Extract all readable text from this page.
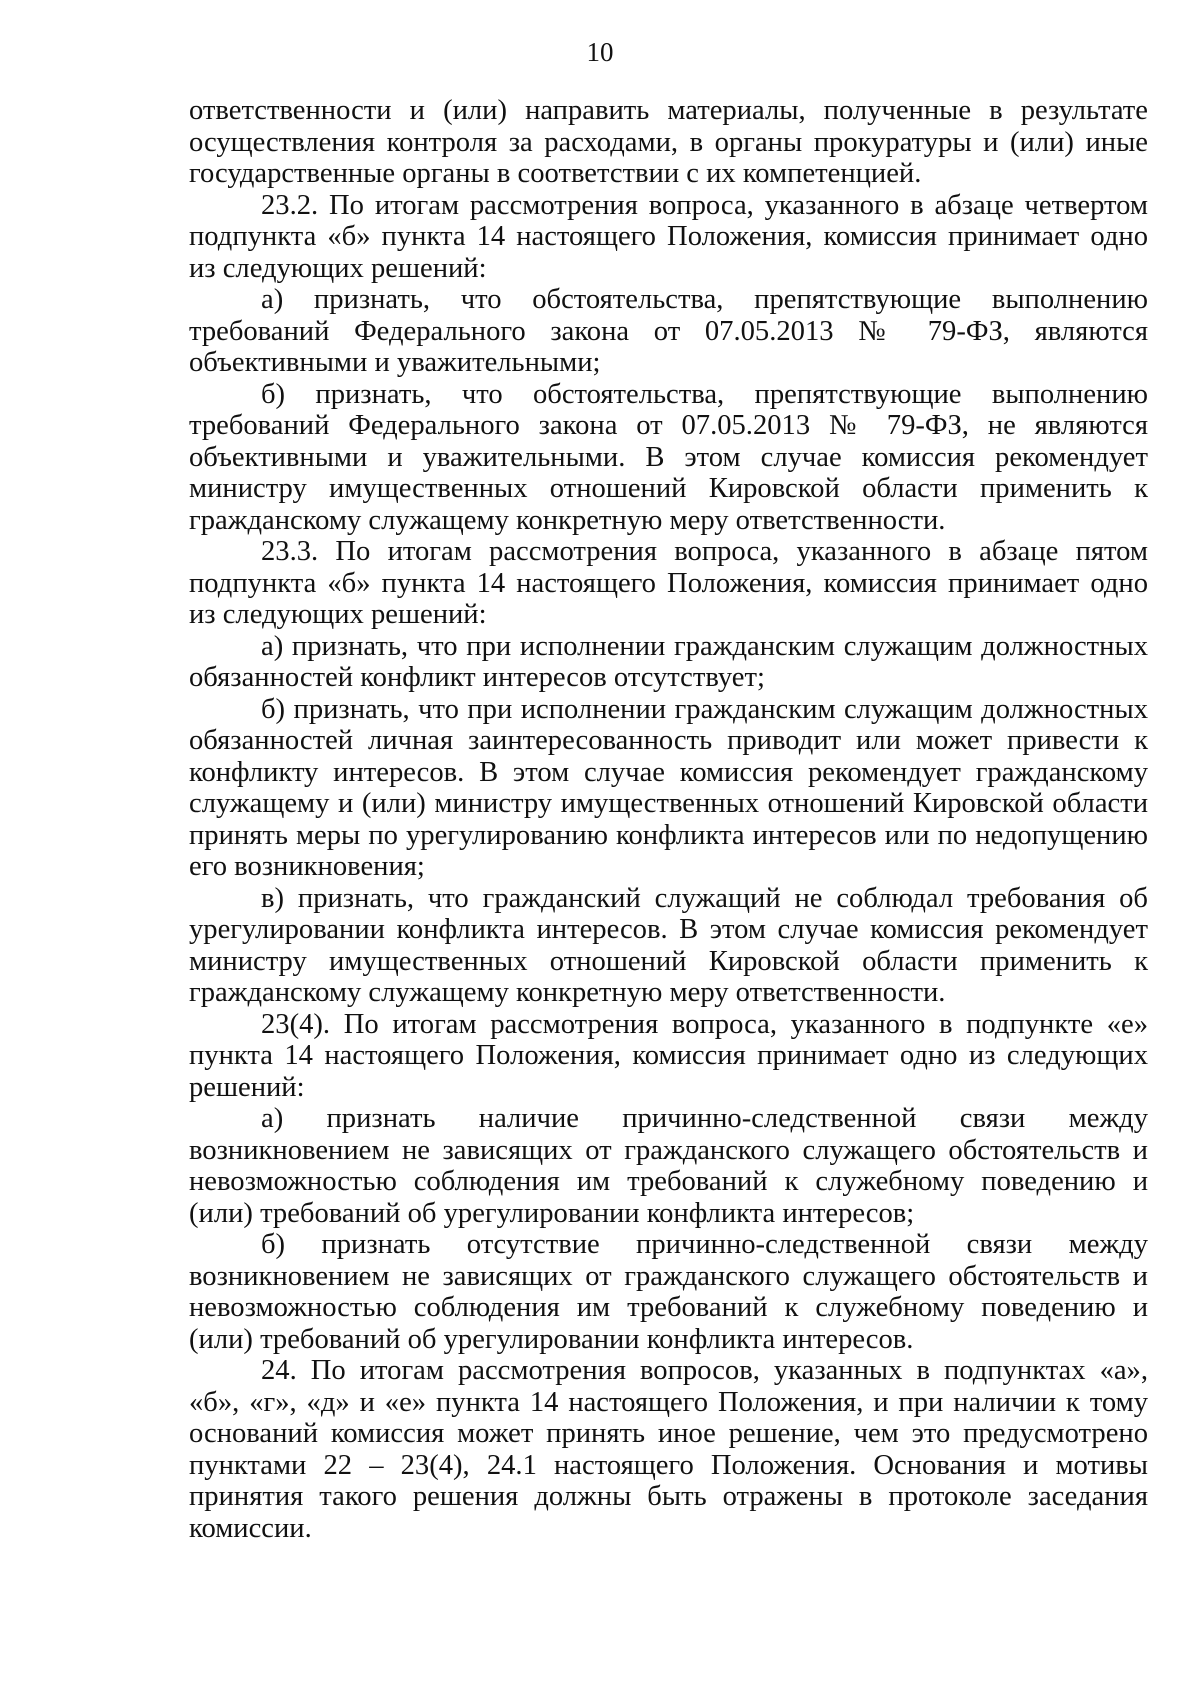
10

ответственности и (или) направить материалы, полученные в результате осуществления контроля за расходами, в органы прокуратуры и (или) иные государственные органы в соответствии с их компетенцией.

23.2. По итогам рассмотрения вопроса, указанного в абзаце четвертом подпункта «б» пункта 14 настоящего Положения, комиссия принимает одно из следующих решений:

а) признать, что обстоятельства, препятствующие выполнению требований Федерального закона от 07.05.2013 № 79-ФЗ, являются объективными и уважительными;

б) признать, что обстоятельства, препятствующие выполнению требований Федерального закона от 07.05.2013 № 79-ФЗ, не являются объективными и уважительными. В этом случае комиссия рекомендует министру имущественных отношений Кировской области применить к гражданскому служащему конкретную меру ответственности.

23.3. По итогам рассмотрения вопроса, указанного в абзаце пятом подпункта «б» пункта 14 настоящего Положения, комиссия принимает одно из следующих решений:

а) признать, что при исполнении гражданским служащим должностных обязанностей конфликт интересов отсутствует;

б) признать, что при исполнении гражданским служащим должностных обязанностей личная заинтересованность приводит или может привести к конфликту интересов. В этом случае комиссия рекомендует гражданскому служащему и (или) министру имущественных отношений Кировской области принять меры по урегулированию конфликта интересов или по недопущению его возникновения;

в) признать, что гражданский служащий не соблюдал требования об урегулировании конфликта интересов. В этом случае комиссия рекомендует министру имущественных отношений Кировской области применить к гражданскому служащему конкретную меру ответственности.

23(4). По итогам рассмотрения вопроса, указанного в подпункте «е» пункта 14 настоящего Положения, комиссия принимает одно из следующих решений:

а) признать наличие причинно-следственной связи между возникновением не зависящих от гражданского служащего обстоятельств и невозможностью соблюдения им требований к служебному поведению и (или) требований об урегулировании конфликта интересов;

б) признать отсутствие причинно-следственной связи между возникновением не зависящих от гражданского служащего обстоятельств и невозможностью соблюдения им требований к служебному поведению и (или) требований об урегулировании конфликта интересов.

24. По итогам рассмотрения вопросов, указанных в подпунктах «а», «б», «г», «д» и «е» пункта 14 настоящего Положения, и при наличии к тому оснований комиссия может принять иное решение, чем это предусмотрено пунктами 22 – 23(4), 24.1 настоящего Положения. Основания и мотивы принятия такого решения должны быть отражены в протоколе заседания комиссии.
